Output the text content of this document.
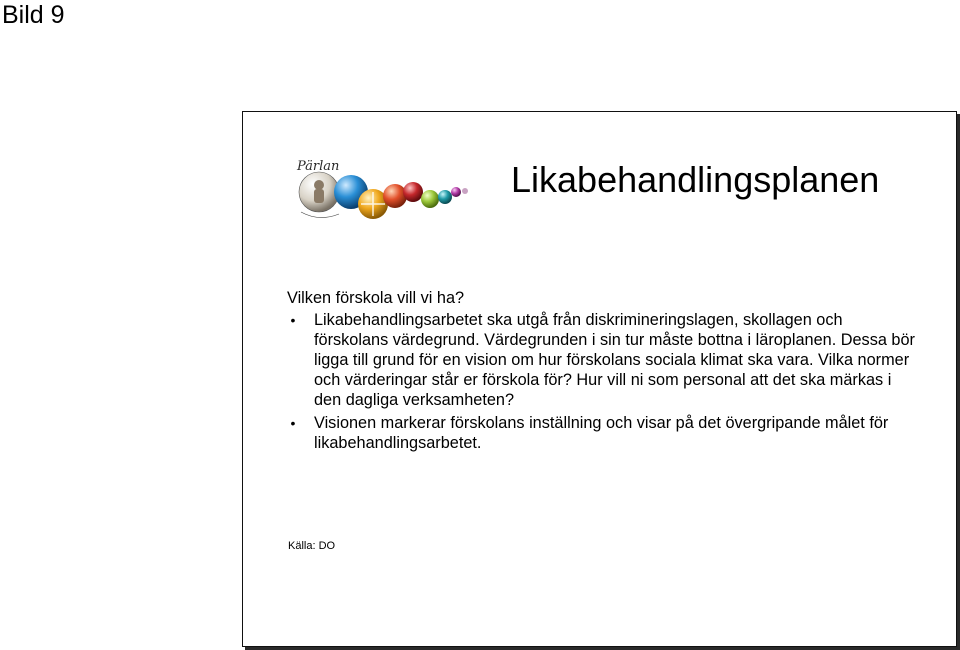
Bild 9
Pärlan	Likabehandlingsplanen

Vilken förskola vill vi ha?

• Likabehandlingsarbetet ska utgå från diskrimineringslagen, skollagen och förskolans värdegrund. Värdegrunden i sin tur måste bottna i läroplanen. Dessa bör ligga till grund för en vision om hur förskolans sociala klimat ska vara. Vilka normer och värderingar står er förskola för? Hur vill ni som personal att det ska märkas i den dagliga verksamheten?
• Visionen markerar förskolans inställning och visar på det övergripande målet för likabehandlingsarbetet.
Källa: DO
